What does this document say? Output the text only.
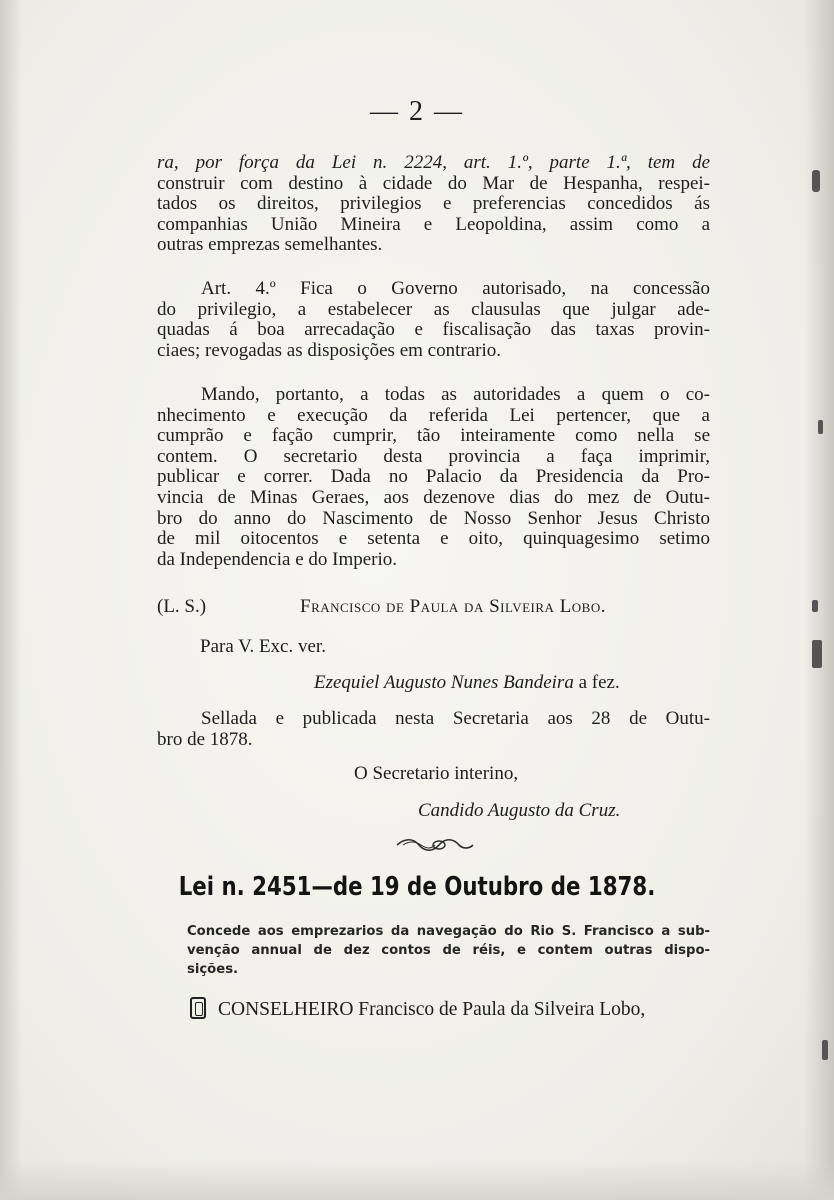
— 2 —

ra, por força da Lei n. 2224, art. 1.º, parte 1.ª, tem de

construir com destino à cidade do Mar de Hespanha, respei-

tados os direitos, privilegios e preferencias concedidos ás

companhias União Mineira e Leopoldina, assim como a

outras emprezas semelhantes.

Art. 4.º Fica o Governo autorisado, na concessão

do privilegio, a estabelecer as clausulas que julgar ade-

quadas á boa arrecadação e fiscalisação das taxas provin-

ciaes; revogadas as disposições em contrario.

Mando, portanto, a todas as autoridades a quem o co-

nhecimento e execução da referida Lei pertencer, que a

cumprão e fação cumprir, tão inteiramente como nella se

contem. O secretario desta provincia a faça imprimir,

publicar e correr. Dada no Palacio da Presidencia da Pro-

vincia de Minas Geraes, aos dezenove dias do mez de Outu-

bro do anno do Nascimento de Nosso Senhor Jesus Christo

de mil oitocentos e setenta e oito, quinquagesimo setimo

da Independencia e do Imperio.

(L. S.)	Francisco de Paula da Silveira Lobo.
Para V. Exc. ver.
Ezequiel Augusto Nunes Bandeira a fez.

Sellada e publicada nesta Secretaria aos 28 de Outu-

bro de 1878.

O Secretario interino,
Candido Augusto da Cruz.
Lei n. 2451—de 19 de Outubro de 1878.

Concede aos emprezarios da navegação do Rio S. Francisco a sub-

venção annual de dez contos de réis, e contem outras dispo-

sições.

CONSELHEIRO Francisco de Paula da Silveira Lobo,
